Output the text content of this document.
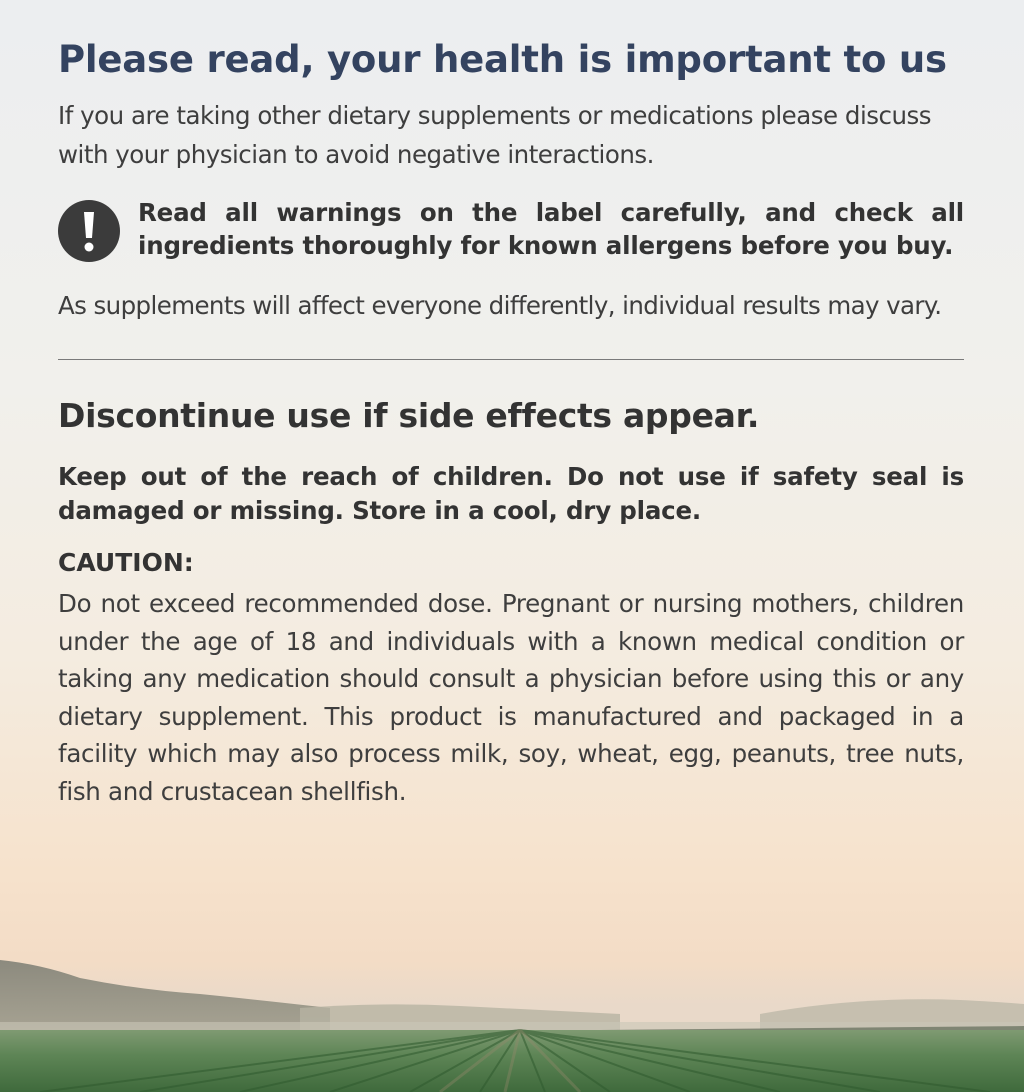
Please read, your health is important to us

If you are taking other dietary supplements or medications please discuss with your physician to avoid negative interactions.

Read all warnings on the label carefully, and check all ingredients thoroughly for known allergens before you buy.

As supplements will affect everyone differently, individual results may vary.

Discontinue use if side effects appear.

Keep out of the reach of children. Do not use if safety seal is damaged or missing. Store in a cool, dry place.

CAUTION:

Do not exceed recommended dose. Pregnant or nursing mothers, children under the age of 18 and individuals with a known medical condition or taking any medication should consult a physician before using this or any dietary supplement. This product is manufactured and packaged in a facility which may also process milk, soy, wheat, egg, peanuts, tree nuts, fish and crustacean shellfish.
